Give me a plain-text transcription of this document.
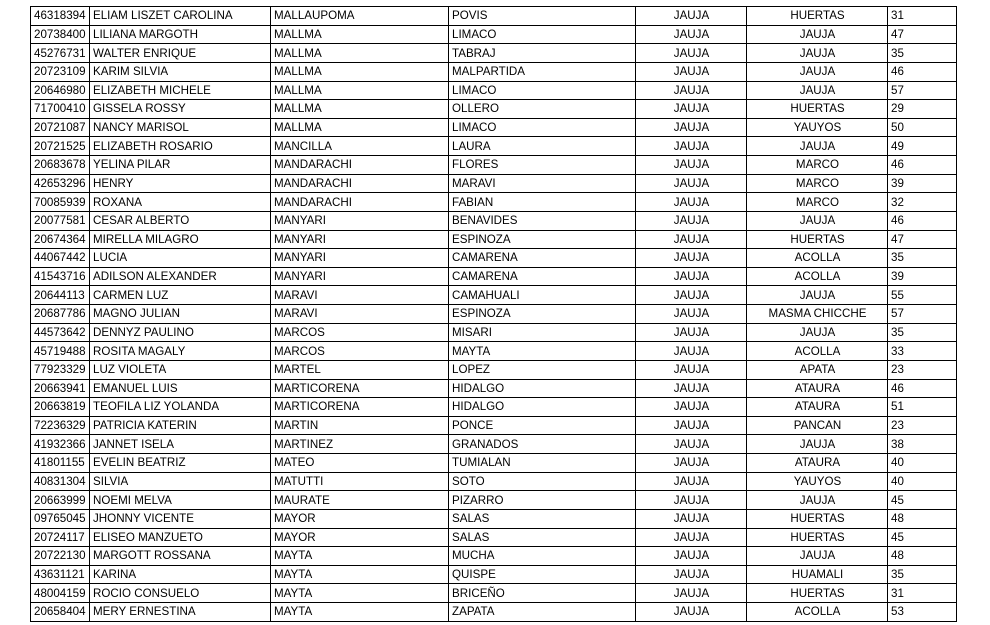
46318394	ELIAM LISZET CAROLINA	MALLAUPOMA	POVIS	JAUJA	HUERTAS	31
20738400	LILIANA MARGOTH	MALLMA	LIMACO	JAUJA	JAUJA	47
45276731	WALTER ENRIQUE	MALLMA	TABRAJ	JAUJA	JAUJA	35
20723109	KARIM SILVIA	MALLMA	MALPARTIDA	JAUJA	JAUJA	46
20646980	ELIZABETH MICHELE	MALLMA	LIMACO	JAUJA	JAUJA	57
71700410	GISSELA ROSSY	MALLMA	OLLERO	JAUJA	HUERTAS	29
20721087	NANCY MARISOL	MALLMA	LIMACO	JAUJA	YAUYOS	50
20721525	ELIZABETH ROSARIO	MANCILLA	LAURA	JAUJA	JAUJA	49
20683678	YELINA PILAR	MANDARACHI	FLORES	JAUJA	MARCO	46
42653296	HENRY	MANDARACHI	MARAVI	JAUJA	MARCO	39
70085939	ROXANA	MANDARACHI	FABIAN	JAUJA	MARCO	32
20077581	CESAR ALBERTO	MANYARI	BENAVIDES	JAUJA	JAUJA	46
20674364	MIRELLA MILAGRO	MANYARI	ESPINOZA	JAUJA	HUERTAS	47
44067442	LUCIA	MANYARI	CAMARENA	JAUJA	ACOLLA	35
41543716	ADILSON ALEXANDER	MANYARI	CAMARENA	JAUJA	ACOLLA	39
20644113	CARMEN LUZ	MARAVI	CAMAHUALI	JAUJA	JAUJA	55
20687786	MAGNO JULIAN	MARAVI	ESPINOZA	JAUJA	MASMA CHICCHE	57
44573642	DENNYZ PAULINO	MARCOS	MISARI	JAUJA	JAUJA	35
45719488	ROSITA MAGALY	MARCOS	MAYTA	JAUJA	ACOLLA	33
77923329	LUZ VIOLETA	MARTEL	LOPEZ	JAUJA	APATA	23
20663941	EMANUEL LUIS	MARTICORENA	HIDALGO	JAUJA	ATAURA	46
20663819	TEOFILA LIZ YOLANDA	MARTICORENA	HIDALGO	JAUJA	ATAURA	51
72236329	PATRICIA KATERIN	MARTIN	PONCE	JAUJA	PANCAN	23
41932366	JANNET ISELA	MARTINEZ	GRANADOS	JAUJA	JAUJA	38
41801155	EVELIN BEATRIZ	MATEO	TUMIALAN	JAUJA	ATAURA	40
40831304	SILVIA	MATUTTI	SOTO	JAUJA	YAUYOS	40
20663999	NOEMI MELVA	MAURATE	PIZARRO	JAUJA	JAUJA	45
09765045	JHONNY VICENTE	MAYOR	SALAS	JAUJA	HUERTAS	48
20724117	ELISEO MANZUETO	MAYOR	SALAS	JAUJA	HUERTAS	45
20722130	MARGOTT ROSSANA	MAYTA	MUCHA	JAUJA	JAUJA	48
43631121	KARINA	MAYTA	QUISPE	JAUJA	HUAMALI	35
48004159	ROCIO CONSUELO	MAYTA	BRICEÑO	JAUJA	HUERTAS	31
20658404	MERY ERNESTINA	MAYTA	ZAPATA	JAUJA	ACOLLA	53
